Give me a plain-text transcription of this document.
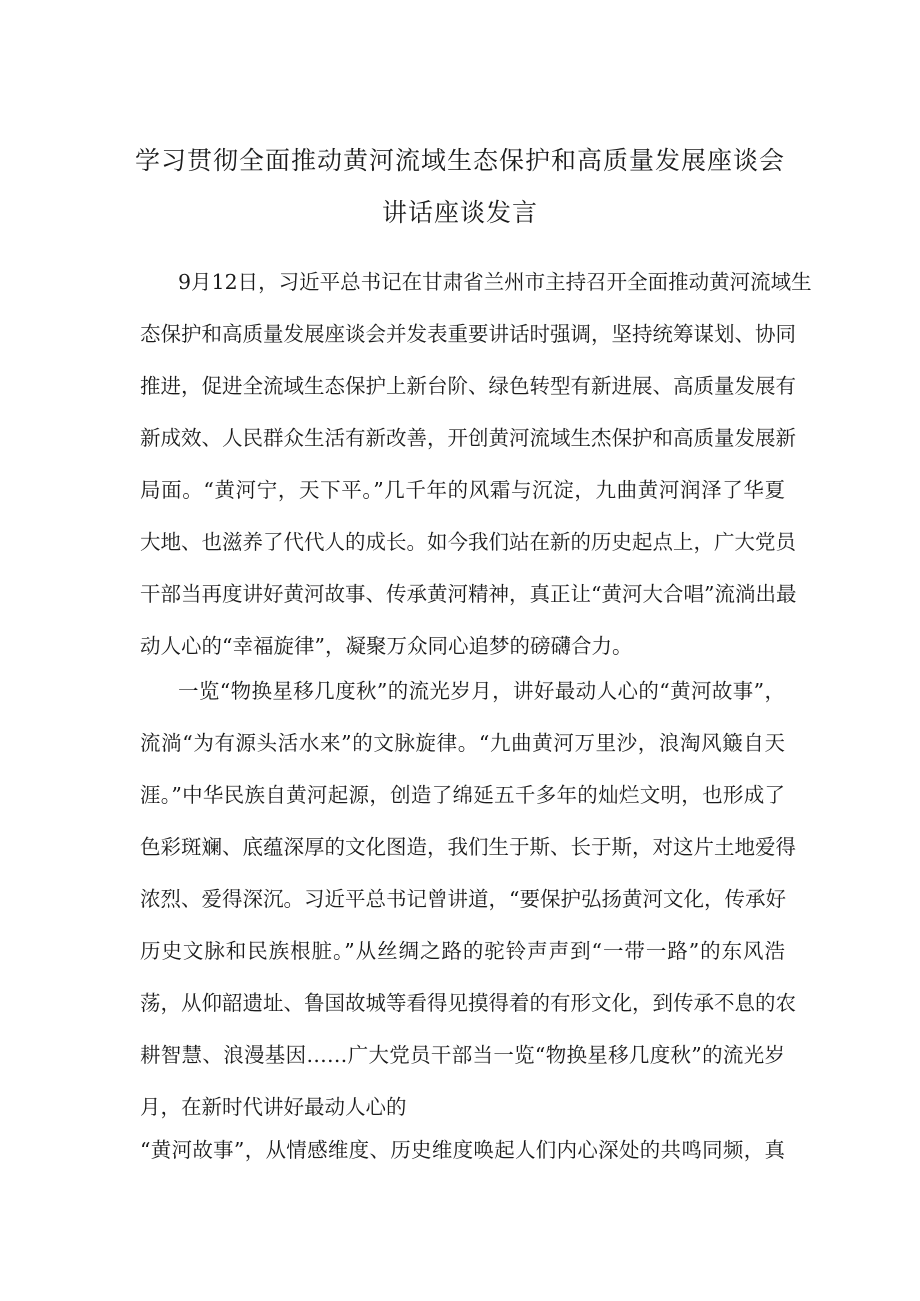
学习贯彻全面推动黄河流域生态保护和高质量发展座谈会
讲话座谈发言
9月12日，习近平总书记在甘肃省兰州市主持召开全面推动黄河流域生
态保护和高质量发展座谈会并发表重要讲话时强调，坚持统筹谋划、协同
推进，促进全流域生态保护上新台阶、绿色转型有新进展、高质量发展有
新成效、人民群众生活有新改善，开创黄河流域生杰保护和高质量发展新
局面。“黄河宁，天下平。”几千年的风霜与沉淀，九曲黄河润泽了华夏
大地、也滋养了代代人的成长。如今我们站在新的历史起点上，广大党员
干部当再度讲好黄河故事、传承黄河精神，真正让“黄河大合唱”流淌出最
动人心的“幸福旋律”，凝聚万众同心追梦的磅礴合力。
一览“物换星移几度秋”的流光岁月，讲好最动人心的“黄河故事”，
流淌“为有源头活水来”的文脉旋律。“九曲黄河万里沙，浪淘风簸自天
涯。”中华民族自黄河起源，创造了绵延五千多年的灿烂文明，也形成了
色彩斑斓、底蕴深厚的文化图造，我们生于斯、长于斯，对这片土地爱得
浓烈、爱得深沉。习近平总书记曾讲道，“要保护弘扬黄河文化，传承好
历史文脉和民族根脏。”从丝绸之路的驼铃声声到“一带一路”的东风浩
荡，从仰韶遗址、鲁国故城等看得见摸得着的有形文化，到传承不息的农
耕智慧、浪漫基因……广大党员干部当一览“物换星移几度秋”的流光岁
月，在新时代讲好最动人心的
“黄河故事”，从情感维度、历史维度唤起人们内心深处的共鸣同频，真
